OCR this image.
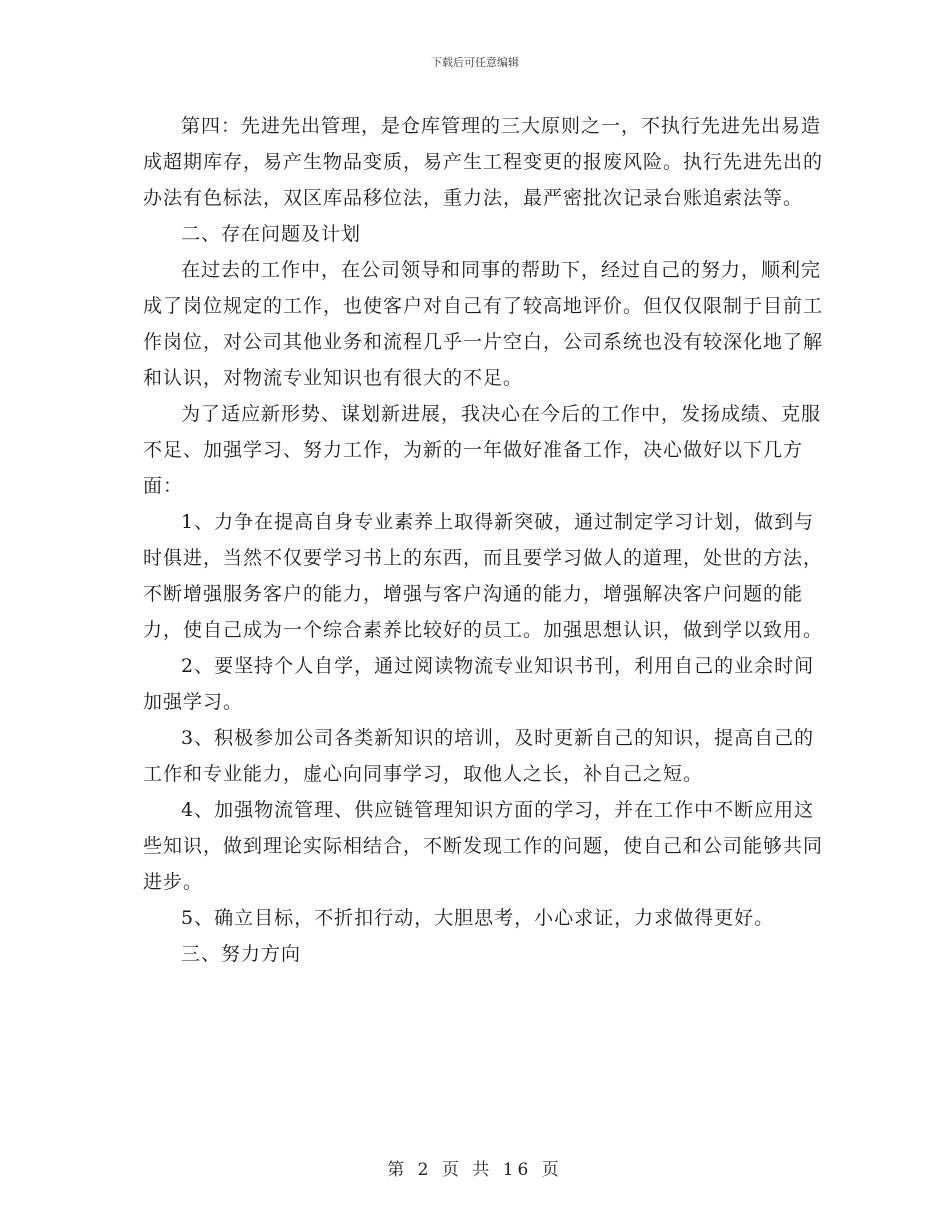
下载后可任意编辑

第四：先进先出管理，是仓库管理的三大原则之一，不执行先进先出易造成超期库存，易产生物品变质，易产生工程变更的报废风险。执行先进先出的办法有色标法，双区库品移位法，重力法，最严密批次记录台账追索法等。

二、存在问题及计划

在过去的工作中，在公司领导和同事的帮助下，经过自己的努力，顺利完成了岗位规定的工作，也使客户对自己有了较高地评价。但仅仅限制于目前工作岗位，对公司其他业务和流程几乎一片空白，公司系统也没有较深化地了解和认识，对物流专业知识也有很大的不足。

为了适应新形势、谋划新进展，我决心在今后的工作中，发扬成绩、克服不足、加强学习、努力工作，为新的一年做好准备工作，决心做好以下几方面：

1、力争在提高自身专业素养上取得新突破，通过制定学习计划，做到与时俱进，当然不仅要学习书上的东西，而且要学习做人的道理，处世的方法，不断增强服务客户的能力，增强与客户沟通的能力，增强解决客户问题的能力，使自己成为一个综合素养比较好的员工。加强思想认识，做到学以致用。

2、要坚持个人自学，通过阅读物流专业知识书刊，利用自己的业余时间加强学习。

3、积极参加公司各类新知识的培训，及时更新自己的知识，提高自己的工作和专业能力，虚心向同事学习，取他人之长，补自己之短。

4、加强物流管理、供应链管理知识方面的学习，并在工作中不断应用这些知识，做到理论实际相结合，不断发现工作的问题，使自己和公司能够共同进步。

5、确立目标，不折扣行动，大胆思考，小心求证，力求做得更好。

三、努力方向

第 2 页 共 16 页
